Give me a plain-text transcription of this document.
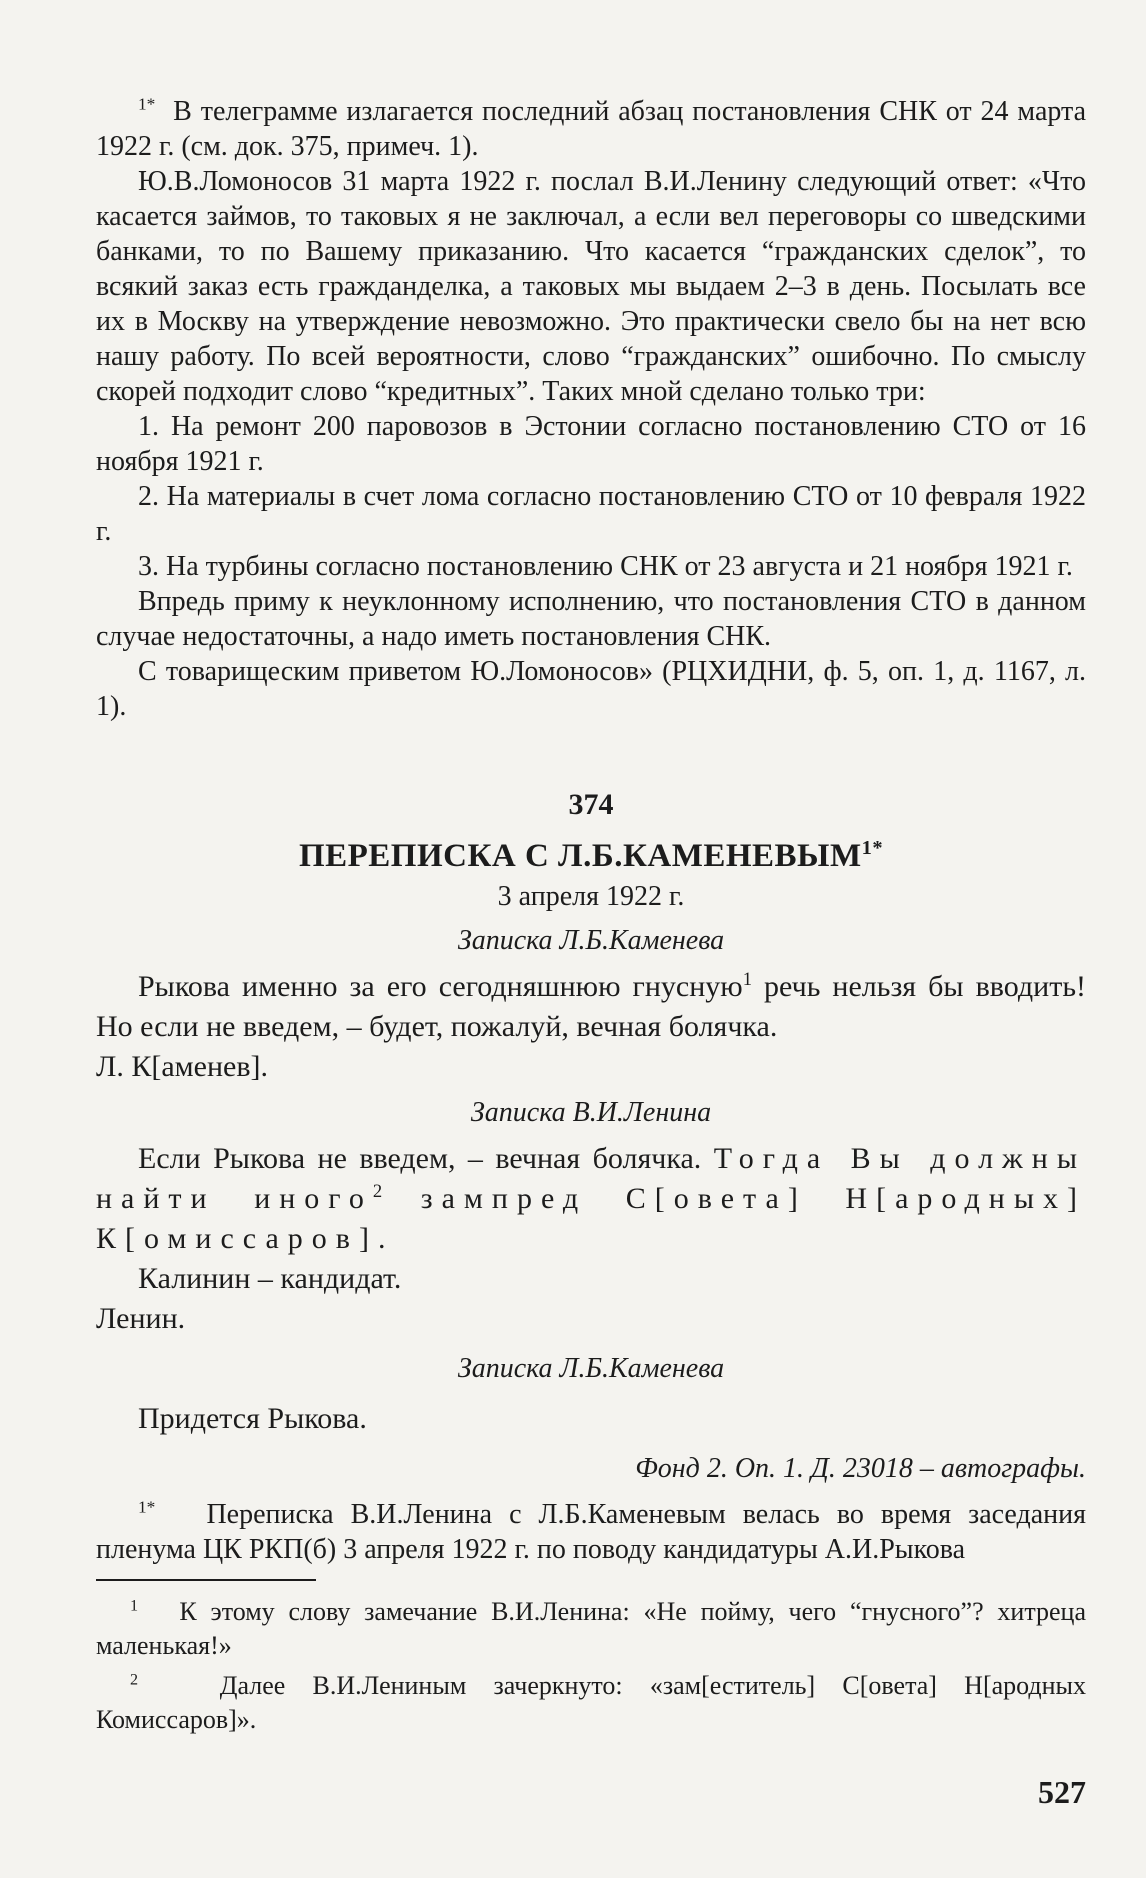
$^{1*}$ В телеграмме излагается последний абзац постановления СНК от 24 марта 1922 г. (см. док. 375, примеч. 1).

Ю.В.Ломоносов 31 марта 1922 г. послал В.И.Ленину следующий ответ: «Что касается займов, то таковых я не заключал, а если вел переговоры со шведскими банками, то по Вашему приказанию. Что касается “гражданских сделок”, то всякий заказ есть гражданделка, а таковых мы выдаем 2–3 в день. Посылать все их в Москву на утверждение невозможно. Это практически свело бы на нет всю нашу работу. По всей вероятности, слово “гражданских” ошибочно. По смыслу скорей подходит слово “кредитных”. Таких мной сделано только три:

1. На ремонт 200 паровозов в Эстонии согласно постановлению СТО от 16 ноября 1921 г.

2. На материалы в счет лома согласно постановлению СТО от 10 февраля 1922 г.

3. На турбины согласно постановлению СНК от 23 августа и 21 ноября 1921 г.

Впредь приму к неуклонному исполнению, что постановления СТО в данном случае недостаточны, а надо иметь постановления СНК.

С товарищеским приветом Ю.Ломоносов» (РЦХИДНИ, ф. 5, оп. 1, д. 1167, л. 1).

374
ПЕРЕПИСКА С $Л.Б.КАМЕНЕВЫМ^{1*}$
3 апреля 1922 г.
Записка Л.Б.Каменева

Рыкова именно за его сегодняшнюю гнусную$^1$ речь нельзя бы вводить! Но если не введем, – будет, пожалуй, вечная болячка.

Л. К[аменев].

Записка В.И.Ленина

Если Рыкова не введем, – вечная болячка. Тогда Вы должны найти иного$^2$ зампред С[овета] Н[ародных] К[омиссаров].

Калинин – кандидат.

Ленин.

Записка Л.Б.Каменева

Придется Рыкова.

Фонд 2. Оп. 1. Д. 23018 – автографы.

$^{1*}$ Переписка В.И.Ленина с Л.Б.Каменевым велась во время заседания пленума ЦК РКП(б) 3 апреля 1922 г. по поводу кандидатуры А.И.Рыкова

$^1$ К этому слову замечание В.И.Ленина: «Не пойму, чего “гнусного”? хитреца маленькая!»

$^2$	Далее В.И.Лениным зачеркнуто: «зам[еститель] С[овета] Н[ародных Комиссаров]».

527
